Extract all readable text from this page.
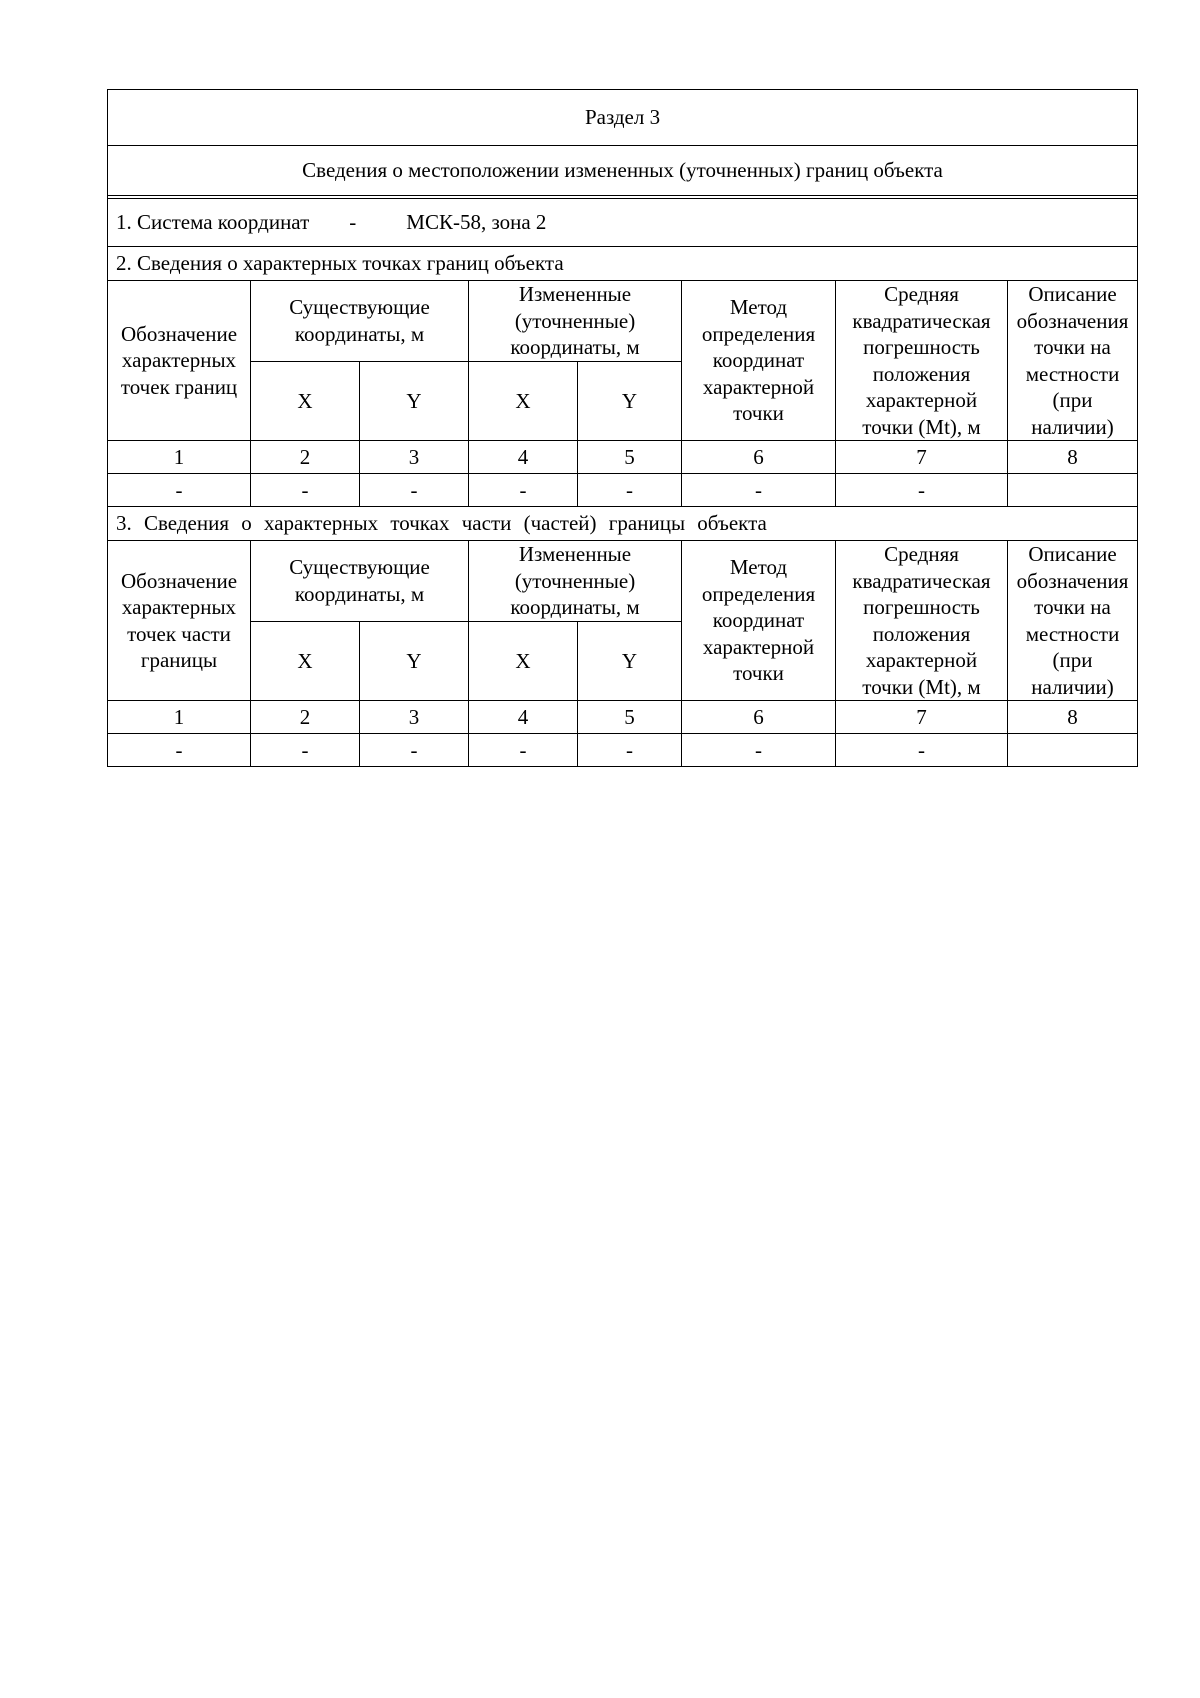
Раздел 3							
Сведения о местоположении измененных (уточненных) границ объекта							

1. Система координат - МСК-58, зона 2							
2. Сведения о характерных точках границ объекта							
Обозначение характерных точек границ	Существующие координаты, м		Измененные (уточненные) координаты, м		Метод определения координат характерной точки	Средняя квадратическая погрешность положения характерной точки (Mt), м	Описание обозначения точки на местности (при наличии)
	X	Y	X	Y			
1	2	3	4	5	6	7	8
-	-	-	-	-	-	-	
3. Сведения о характерных точках части (частей) границы объекта							
Обозначение характерных точек части границы	Существующие координаты, м		Измененные (уточненные) координаты, м		Метод определения координат характерной точки	Средняя квадратическая погрешность положения характерной точки (Mt), м	Описание обозначения точки на местности (при наличии)
	X	Y	X	Y			
1	2	3	4	5	6	7	8
-	-	-	-	-	-	-	
